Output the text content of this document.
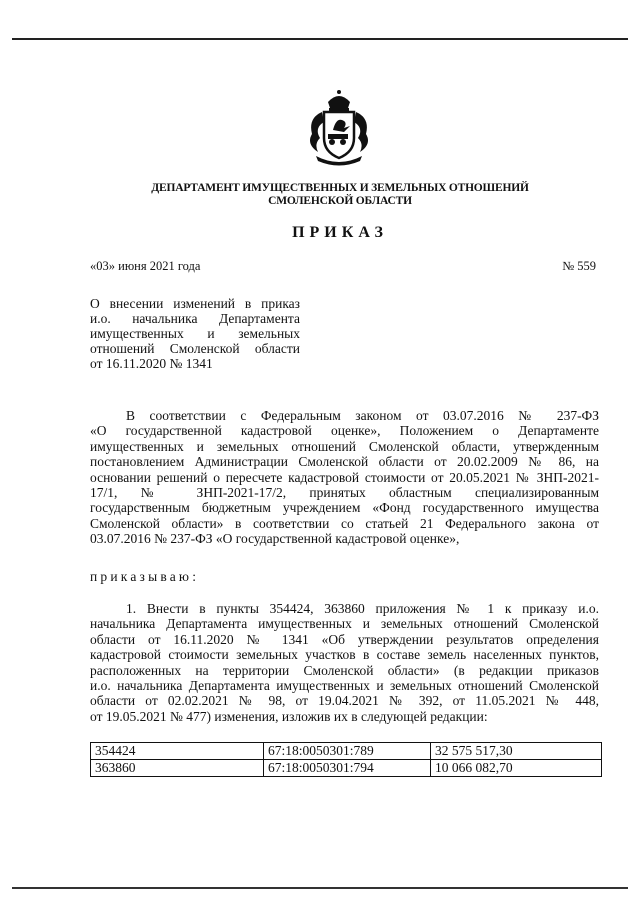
ДЕПАРТАМЕНТ ИМУЩЕСТВЕННЫХ И ЗЕМЕЛЬНЫХ ОТНОШЕНИЙ
СМОЛЕНСКОЙ ОБЛАСТИ
ПРИКАЗ
«03» июня 2021 года	№ 559
О внесении изменений в приказ
и.о. начальника Департамента
имущественных и земельных
отношений Смоленской области
от 16.11.2020 № 1341
В соответствии с Федеральным законом от 03.07.2016 № 237-ФЗ
«О государственной кадастровой оценке», Положением о Департаменте
имущественных и земельных отношений Смоленской области, утвержденным
постановлением Администрации Смоленской области от 20.02.2009 № 86, на
основании решений о пересчете кадастровой стоимости от 20.05.2021 № ЗНП-2021-
17/1, № ЗНП-2021-17/2, принятых областным специализированным
государственным бюджетным учреждением «Фонд государственного имущества
Смоленской области» в соответствии со статьей 21 Федерального закона от
03.07.2016 № 237-ФЗ «О государственной кадастровой оценке»,
приказываю:
1. Внести в пункты 354424, 363860 приложения № 1 к приказу и.о.
начальника Департамента имущественных и земельных отношений Смоленской
области от 16.11.2020 № 1341 «Об утверждении результатов определения
кадастровой стоимости земельных участков в составе земель населенных пунктов,
расположенных на территории Смоленской области» (в редакции приказов
и.о. начальника Департамента имущественных и земельных отношений Смоленской
области от 02.02.2021 № 98, от 19.04.2021 № 392, от 11.05.2021 № 448,
от 19.05.2021 № 477) изменения, изложив их в следующей редакции:
354424	67:18:0050301:789	32 575 517,30
363860	67:18:0050301:794	10 066 082,70
